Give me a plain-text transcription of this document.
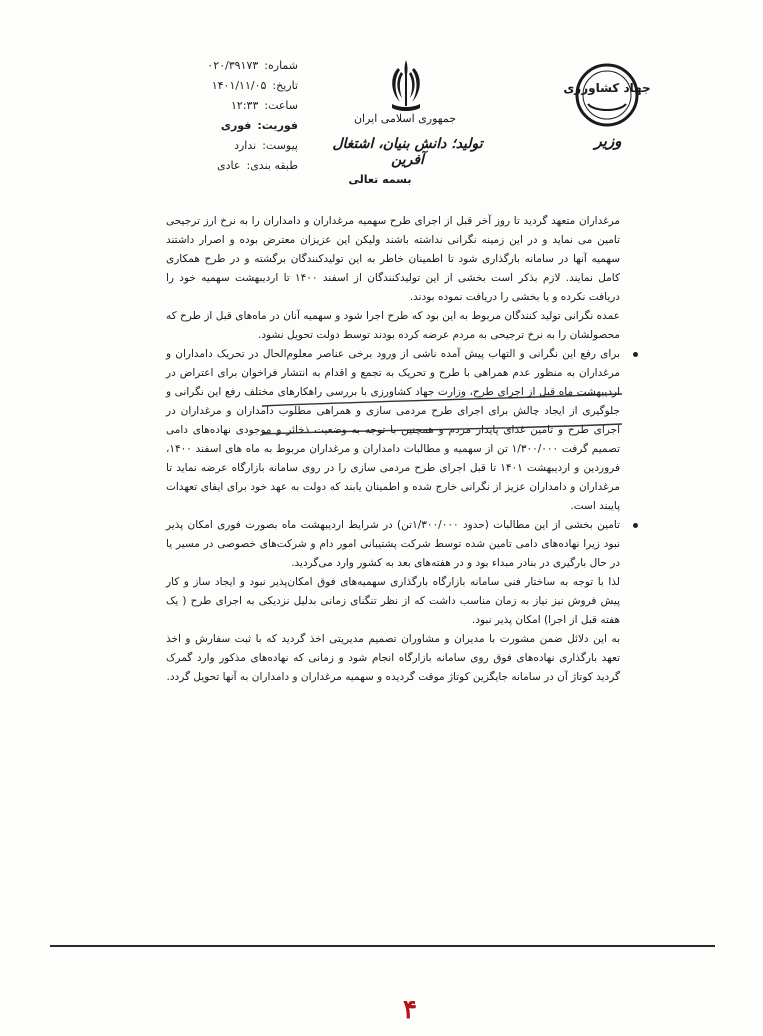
شماره:
۰۲۰/۳۹۱۷۳
تاریخ:
۱۴۰۱/۱۱/۰۵
ساعت:
۱۲:۳۳
فوریت:
فوری
پیوست:
ندارد
طبقه بندی:
عادی
جمهوری اسلامی ایران
تولید؛ دانش بنیان، اشتغال آفرین
بسمه تعالی
جهاد کشاورزی
وزیر

مرغداران متعهد گردید تا روز آخر قبل از اجرای طرح سهمیه مرغداران و دامداران را به نرخ ارز ترجیحی تامین می نماید و در این زمینه نگرانی نداشته باشند ولیکن این عزیزان معترض بوده و اصرار داشتند سهمیه آنها در سامانه بارگذاری شود تا اطمینان خاطر به این تولیدکنندگان برگشته و در طرح همکاری کامل نمایند. لازم بذکر است بخشی از این تولیدکنندگان از اسفند ۱۴۰۰ تا اردیبهشت سهمیه خود را دریافت نکرده و یا بخشی را دریافت نموده بودند.

عمده نگرانی تولید کنندگان مربوط به این بود که طرح اجرا شود و سهمیه آنان در ماه‌های قبل از طرح که محصولشان را به نرخ ترجیحی به مردم عرضه کرده بودند توسط دولت تحویل نشود.

برای رفع این نگرانی و التهاب پیش آمده ناشی از ورود برخی عناصر معلوم‌الحال در تحریک دامداران و مرغداران به منظور عدم همراهی با طرح و تحریک به تجمع و اقدام به انتشار فراخوان برای اعتراض در اردیبهشت ماه قبل از اجرای طرح، وزارت جهاد کشاورزی با بررسی راهکارهای مختلف رفع این نگرانی و جلوگیری از ایجاد چالش برای اجرای طرح مردمی سازی و همراهی مطلوب دامداران و مرغداران در اجرای طرح و تامین غذای پایدار مردم و همچنین با توجه به وضعیت ذخائر و موجودی نهاده‌های دامی تصمیم گرفت ۱/۳۰۰/۰۰۰ تن از سهمیه و مطالبات دامداران و مرغداران مربوط به ماه های اسفند ۱۴۰۰، فروردین و اردیبهشت ۱۴۰۱ تا قبل اجرای طرح مردمی سازی را در روی سامانه بازارگاه عرضه نماید تا مرغداران و دامداران عزیز از نگرانی خارج شده و اطمینان یابند که دولت به عهد خود برای ایفای تعهدات پایبند است.

تامین بخشی از این مطالبات (حدود ۱/۳۰۰/۰۰۰تن) در شرایط اردیبهشت ماه بصورت فوری امکان پذیر نبود زیرا نهاده‌های دامی تامین شده توسط شرکت پشتیبانی امور دام و شرکت‌های خصوصی در مسیر یا در حال بارگیری در بنادر مبداء بود و در هفته‌های بعد به کشور وارد می‌گردید.

لذا با توجه به ساختار فنی سامانه بازارگاه بارگذاری سهمیه‌های فوق امکان‌پذیر نبود و ایجاد ساز و کار پیش فروش نیز نیاز به زمان مناسب داشت که از نظر تنگنای زمانی بدلیل نزدیکی به اجرای طرح ( یک هفته قبل از اجرا) امکان پذیر نبود.

به این دلائل ضمن مشورت با مدیران و مشاوران تصمیم مدیریتی اخذ گردید که با ثبت سفارش و اخذ تعهد بارگذاری نهاده‌های فوق روی سامانه بازارگاه انجام شود و زمانی که نهاده‌های مذکور وارد گمرک گردید کوتاژ آن در سامانه جایگزین کوتاژ موقت گردیده و سهمیه مرغداران و دامداران به آنها تحویل گردد.

۴
